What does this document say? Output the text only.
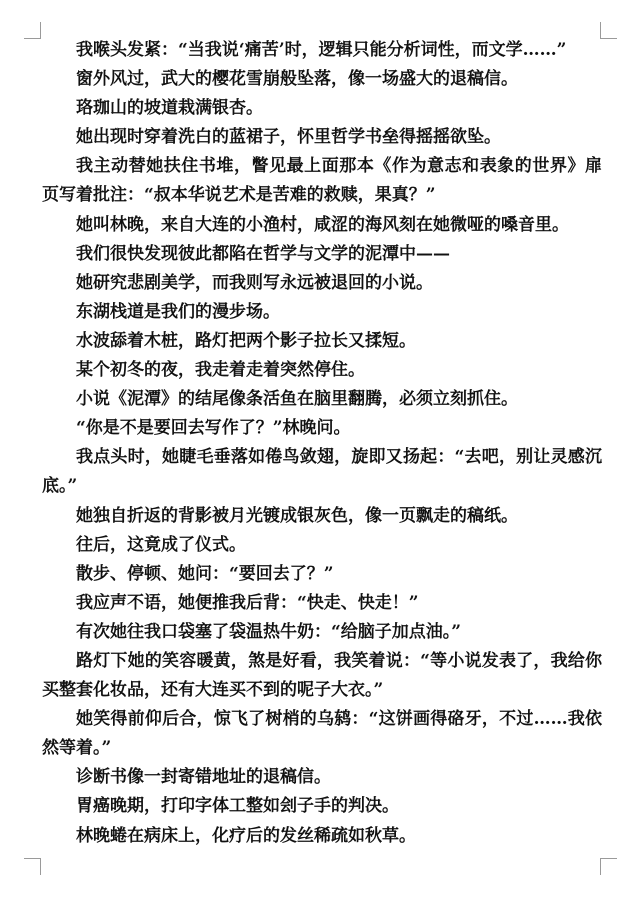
我喉头发紧：“当我说‘痛苦’时，逻辑只能分析词性，而文学……”

窗外风过，武大的樱花雪崩般坠落，像一场盛大的退稿信。

珞珈山的坡道栽满银杏。

她出现时穿着洗白的蓝裙子，怀里哲学书垒得摇摇欲坠。

我主动替她扶住书堆，瞥见最上面那本《作为意志和表象的世界》扉页写着批注：“叔本华说艺术是苦难的救赎，果真？”

她叫林晚，来自大连的小渔村，咸涩的海风刻在她微哑的嗓音里。

我们很快发现彼此都陷在哲学与文学的泥潭中——

她研究悲剧美学，而我则写永远被退回的小说。

东湖栈道是我们的漫步场。

水波舔着木桩，路灯把两个影子拉长又揉短。

某个初冬的夜，我走着走着突然停住。

小说《泥潭》的结尾像条活鱼在脑里翻腾，必须立刻抓住。

“你是不是要回去写作了？”林晚问。

我点头时，她睫毛垂落如倦鸟敛翅，旋即又扬起：“去吧，别让灵感沉底。”

她独自折返的背影被月光镀成银灰色，像一页飘走的稿纸。

往后，这竟成了仪式。

散步、停顿、她问：“要回去了？”

我应声不语，她便推我后背：“快走、快走！”

有次她往我口袋塞了袋温热牛奶：“给脑子加点油。”

路灯下她的笑容暖黄，煞是好看，我笑着说：“等小说发表了，我给你买整套化妆品，还有大连买不到的呢子大衣。”

她笑得前仰后合，惊飞了树梢的乌鸫：“这饼画得硌牙，不过……我依然等着。”

诊断书像一封寄错地址的退稿信。

胃癌晚期，打印字体工整如刽子手的判决。

林晚蜷在病床上，化疗后的发丝稀疏如秋草。
